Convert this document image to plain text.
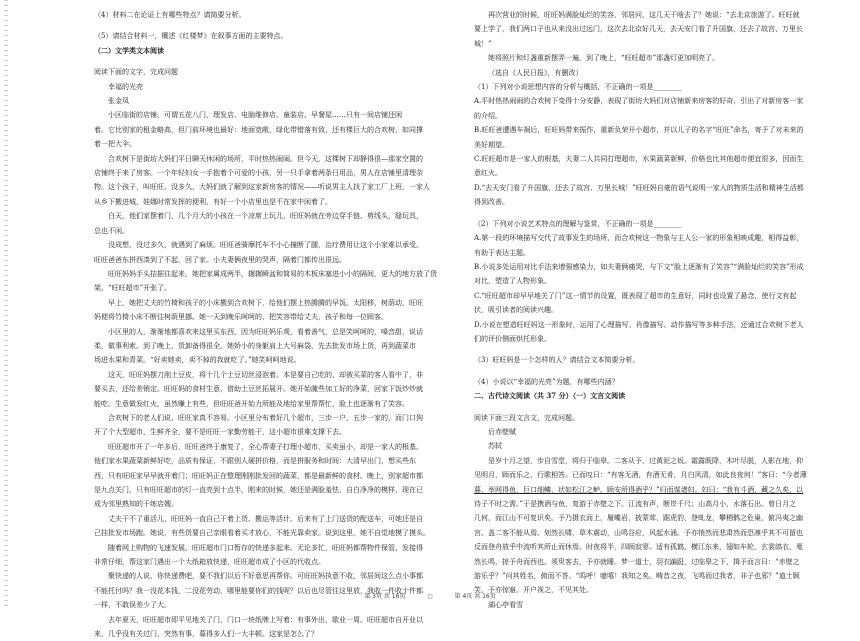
（4）材料二在论证上有哪些特点？请简要分析。

（5）请结合材料一，概述《红楼梦》在叙事方面的主要特点。

（二）文学类文本阅读

阅读下面的文字，完成问题

幸福的光亮

张金凤

小区临街的店铺，可谓五花八门，理发店、电脑维修店、童装店、早餐屋……只有一间店铺还闲

着。它比别家的租金略高，但门前环境也最好：地面宽敞，绿化带错落有致，还有棵巨大的合欢树，如同撑

着一把大伞。

合欢树下是街坊大妈们平日聊天休闲的场所，平时热热闹闹。但今天，这棵树下却静得很—那家空置的

店铺终于来了房客。一个年轻妇女一手抱着个可爱的小孩，另一只手拿着两条日用品，男人在店铺里清理杂

物。这个孩子，叫旺旺。没多久，大妈们就了解到这家新房客的情况——听说男主人找了家工厂上班，一家人

从乡下搬进城，娃娜时常发挥的便利，有好一个小店里也是不在家中闲着了。

白天，他们家摆着门，几个月大的小孩在一个凉席上玩儿，旺旺妈就在旁边穿手链、剪线头，缝玩具，

总也不闲。

没成想，没过多久，就遇到了麻烦。旺旺爸骑摩托车不小心撞断了腿，治疗费用让这个小家难以承受。

旺旺爸爸东拼西凑到了不起，回了家。小夫妻俩夜里的哭声，隔着门都传出很远。

旺旺妈妈手头拮据住起来，她把家属成两半，辗辗瞬盆和简易的木板床塞进小小的隔间，更大的地方放了货

架。“旺旺超市”开张了。

早上，她把丈夫的竹椅和孩子的小床搬到合欢树下，给他们摆上热腾腾的早饭。太阳移，树荫动，旺旺

妈便将竹椅小床不断往树荫里挪。她一天到晚乐呵呵的，把笑容带给丈夫，孩子和每一位顾客。

小区里的人，渐渐地都喜欢来这里买东西，因为旺旺妈乐观，看着善气，总是笑呵呵的，嗓音甜，说话

柔，做事利索。到了晚上，货卸备得很全。她娇小的身躯肩上大号麻袋，先去批发市场上货，再到蔬菜市

场进水果和青菜。“好卖她卖，卖不掉的我就吃了。”她笑呵呵地说。

这天，旺旺妈摆刀削土豆皮，将十几个土豆切丝浸泡着。本是要自己吃的，却被买菜的客人看中了，非

要买去，还给差销定。旺旺妈的食材生意，借助土豆丝拓展开。她开始腌些加工好的净菜，回家下饭炒炒就

能吃。生意做发红火，虽然赚上有些，但旺旺爸开始力所能及地给家里帮帮忙，脸上也逐渐有了笑容。

合欢树下的老人们说，旺旺家真不容易。小区里分布着好几个超市，三步一户，五步一家的，而门口狗

开了个大型超市，生鲜齐全，要不是旺旺一家勤劳能干，这小超市很难支撑下去。

旺旺超市开了一年多后，旺旺爸终于康复了，全心帮妻子打理小超市，买卖虽小，却是一家人的根基。

他们家水果蔬菜新鲜好吃，品质有保证，不跟别人硬拼价格，而是拼服务和时间：大清早出门，想买些东

西，只有旺旺家早早就开着门；旺旺妈正在整理刚刚批发回的蔬菜，都是最新鲜的食材。晚上，别家超市都

是九点关门，只有旺旺超市的灯一直亮到十点半，刚来的时候，她还是满脸羞怯，自白净净的模样，现在已

成为邻里熟知的干练店嫂。

丈夫干不了重活儿，旺旺妈一直自己干着上货、搬运等活计。后来有了上门送货的配送车，可她还是自

己挂批发市场跑。她说，有些货要自己亲眼看着买才放心，不能光靠卖家。说到这里，她不自觉地摸了摸头。

随着网上购物的飞速发展，旺旺超市门口暂存的快递多起来。无论多忙，旺旺妈都帮物件保管、发接得

非常仔细，帮这家门遇出一个大纸箱放快递，旺旺超市成了小区的代收点。

聚快递的人说，你快递费吧，要不我们以后不好意思再帮你。可旺旺妈执意不收，邻居间这么点小事都

不能托付吗？我一没花本钱，二没花劳动，哪里能要你们的钱呢？以后也尽管往这里放，我收一件收十件都

一样，不敢误差少了大。

去年夏天，旺旺超市即平见地关了门，门口一块纸牌上写着：有事外出，歇业一周。旺旺超市自开业以

来，几乎没有关过门，突然有事，募得多人们一大丰顿。这家是怎么了？

再次营业的时候，旺旺妈满脸灿烂的笑容，邻居问，这几天干啥去了？她说：“去北京旅游了。旺旺就

要上学了，我们两口子也从来没出过远门，这次去北京好几天，去天安门看了升国旗，还去了故宫、万里长

城！”

她将照片和灯盏重新摆弄一遍，到了晚上，“旺旺超市”那盏灯更加明亮了。

（选自《人民日报》，有删改）

（1）下列对小说思想内容的分析与概括，不正确的一项是________

A.平时热热闹闹的合欢树下变得十分安静，表现了街坊大妈们对店铺新来房客的好奇，引出了对新房客一家

的介绍。

B.旺旺爸遭遇车祸后，旺旺妈带来振作，重新负荣开小超市，并以儿子的名字“旺旺”命名，寄予了对未来的

美好期望。

C.旺旺超市是一家人的根基，夫妻二人共同打理超市，水果蔬菜新鲜，价格也比其他超市便宜很多，因而生

意红火。

D.“去天安门看了升国旗，还去了故宫、万里长城！”旺旺妈自豪的语气说明一家人的物质生活和精神生活都

得到改善。

（2）下列对小说艺术特点的理解与鉴赏，不正确的一项是________

A.第一段的环境描写交代了故事发生的场所，而合欢树这一物象与主人公一家的形象相映成趣，相得益彰，

有助于表达主题。

B.小说多处运用对比手法来增强感染力，如夫妻俩痛哭，与下文“脸上逐渐有了笑容”“满脸灿烂的笑容”形成

对比，塑造了人物形象。

C.“旺旺超市却早早地关了门”这一情节的设置，既表现了超市的生意好，同时也设置了悬念，使行文有起

伏，吸引读者的阅读兴趣。

D.小说在塑造旺旺妈这一形象时，运用了心理描写、肖像描写、动作描写等多种手法，还通过合欢树下老人

们的评价侧面烘托形象。

（3）旺旺妈是一个怎样的人？请结合文本简要分析。

（4）小说以“幸福的光亮”为题，有哪些内涵？

二、古代诗文阅读（共 37 分）（一）文言文阅读

阅读下面三段文言文，完成问题。

后赤壁赋

苏轼

是岁十月之望，步自雪堂，将归于临皋。二客从予，过黄泥之坂。霜露既降，木叶尽脱，人影在地，仰

见明月，顾而乐之，行歌相答。已而叹曰：“有客无酒，有酒无肴，月白风清，如此良夜何！”客曰：“今者薄

暮，举网得鱼，巨口细鳞，状如松江之鲈。顾安所得酒乎？”归而谋诸妇。妇曰：“我有斗酒，藏之久矣，以

待子不时之需。”于是携酒与鱼，复游于赤壁之下。江流有声，断岸千尺；山高月小，水落石出。曾日月之

几何，而江山不可复识矣。予乃摄衣而上，履巉岩，披蒙茸，踞虎豹，登虬龙，攀栖鹘之危巢，俯冯夷之幽

宫。盖二客不能从焉。划然长啸，草木震动，山鸣谷应，风起水涌。予亦悄然而悲肃然而恐凛乎其不可留也

反而登舟放乎中流听其所止而休焉。时夜将半，四顾寂寥。适有孤鹤，横江东来，翅如车轮，玄裳缟衣，戛

然长鸣，掠予舟而西也。须臾客去，予亦就睡。梦一道士，羽衣蹁跹，过临皋之下，揖予而言曰：“赤壁之

游乐乎？”问其姓名，俯而不答。“呜呼！噫嘻！我知之矣。畴昔之夜，飞鸣而过我者，非子也邪？”道士顾

笑，予亦惊寤。开户视之，不见其处。

湖心亭看雪

第 3页 共 16页	○	第 4页 共 16页
